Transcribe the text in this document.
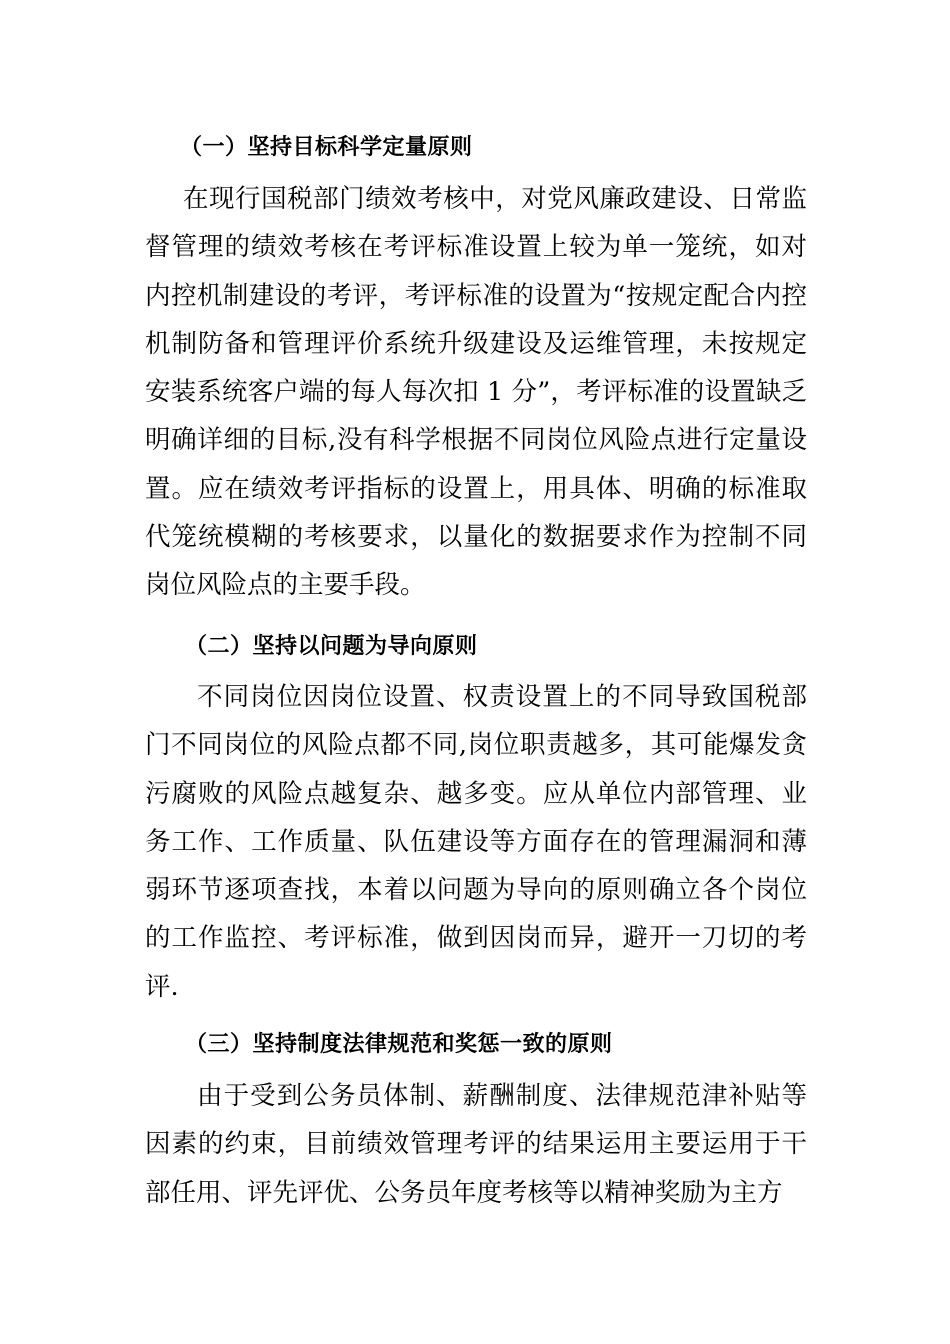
（一）坚持目标科学定量原则
在现行国税部门绩效考核中，对党风廉政建设、日常监督管理的绩效考核在考评标准设置上较为单一笼统，如对内控机制建设的考评，考评标准的设置为“按规定配合内控机制防备和管理评价系统升级建设及运维管理，未按规定安装系统客户端的每人每次扣 1 分”，考评标准的设置缺乏明确详细的目标,没有科学根据不同岗位风险点进行定量设置。应在绩效考评指标的设置上，用具体、明确的标准取代笼统模糊的考核要求，以量化的数据要求作为控制不同岗位风险点的主要手段。
（二）坚持以问题为导向原则
不同岗位因岗位设置、权责设置上的不同导致国税部门不同岗位的风险点都不同,岗位职责越多，其可能爆发贪污腐败的风险点越复杂、越多变。应从单位内部管理、业务工作、工作质量、队伍建设等方面存在的管理漏洞和薄弱环节逐项查找，本着以问题为导向的原则确立各个岗位的工作监控、考评标准，做到因岗而异，避开一刀切的考评.
（三）坚持制度法律规范和奖惩一致的原则
由于受到公务员体制、薪酬制度、法律规范津补贴等因素的约束，目前绩效管理考评的结果运用主要运用于干部任用、评先评优、公务员年度考核等以精神奖励为主方
